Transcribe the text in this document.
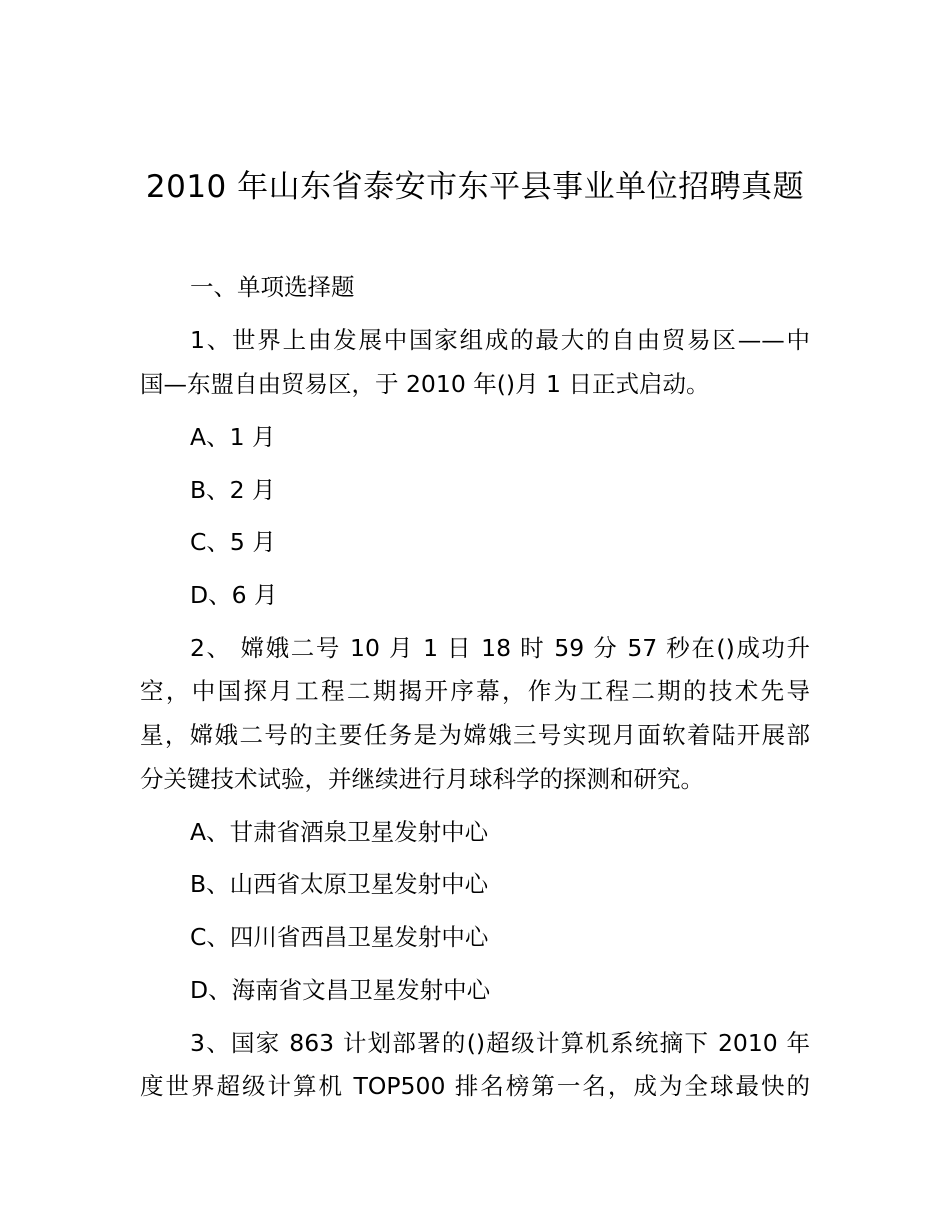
2010 年山东省泰安市东平县事业单位招聘真题
一、单项选择题
1、世界上由发展中国家组成的最大的自由贸易区——中
国—东盟自由贸易区，于 2010 年()月 1 日正式启动。
A、1 月
B、2 月
C、5 月
D、6 月
2、 嫦娥二号 10 月 1 日 18 时 59 分 57 秒在()成功升
空，中国探月工程二期揭开序幕，作为工程二期的技术先导
星，嫦娥二号的主要任务是为嫦娥三号实现月面软着陆开展部
分关键技术试验，并继续进行月球科学的探测和研究。
A、甘肃省酒泉卫星发射中心
B、山西省太原卫星发射中心
C、四川省西昌卫星发射中心
D、海南省文昌卫星发射中心
3、国家 863 计划部署的()超级计算机系统摘下 2010 年
度世界超级计算机 TOP500 排名榜第一名，成为全球最快的
